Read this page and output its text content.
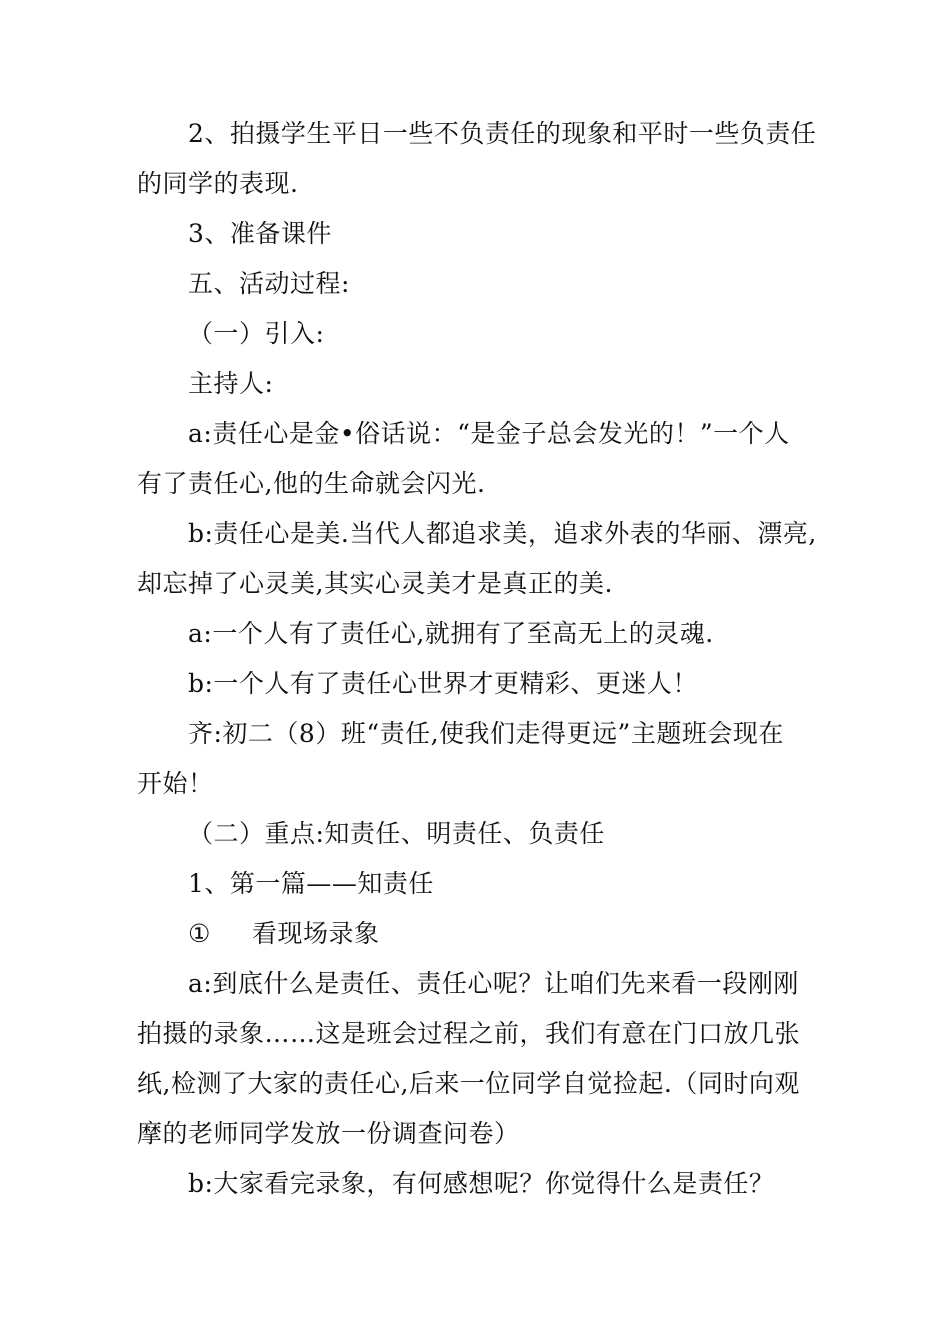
2、拍摄学生平日一些不负责任的现象和平时一些负责任
的同学的表现.
3、准备课件
五、活动过程:
（一）引入:
主持人:
a:责任心是金•俗话说：“是金子总会发光的！”一个人
有了责任心,他的生命就会闪光.
b:责任心是美.当代人都追求美，追求外表的华丽、漂亮,
却忘掉了心灵美,其实心灵美才是真正的美.
a:一个人有了责任心,就拥有了至高无上的灵魂.
b:一个人有了责任心世界才更精彩、更迷人！
齐:初二（8）班“责任,使我们走得更远”主题班会现在
开始！
（二）重点:知责任、明责任、负责任
1、第一篇——知责任
① 看现场录象
a:到底什么是责任、责任心呢？让咱们先来看一段刚刚
拍摄的录象……这是班会过程之前，我们有意在门口放几张
纸,检测了大家的责任心,后来一位同学自觉捡起.（同时向观
摩的老师同学发放一份调查问卷）
b:大家看完录象，有何感想呢？你觉得什么是责任？
